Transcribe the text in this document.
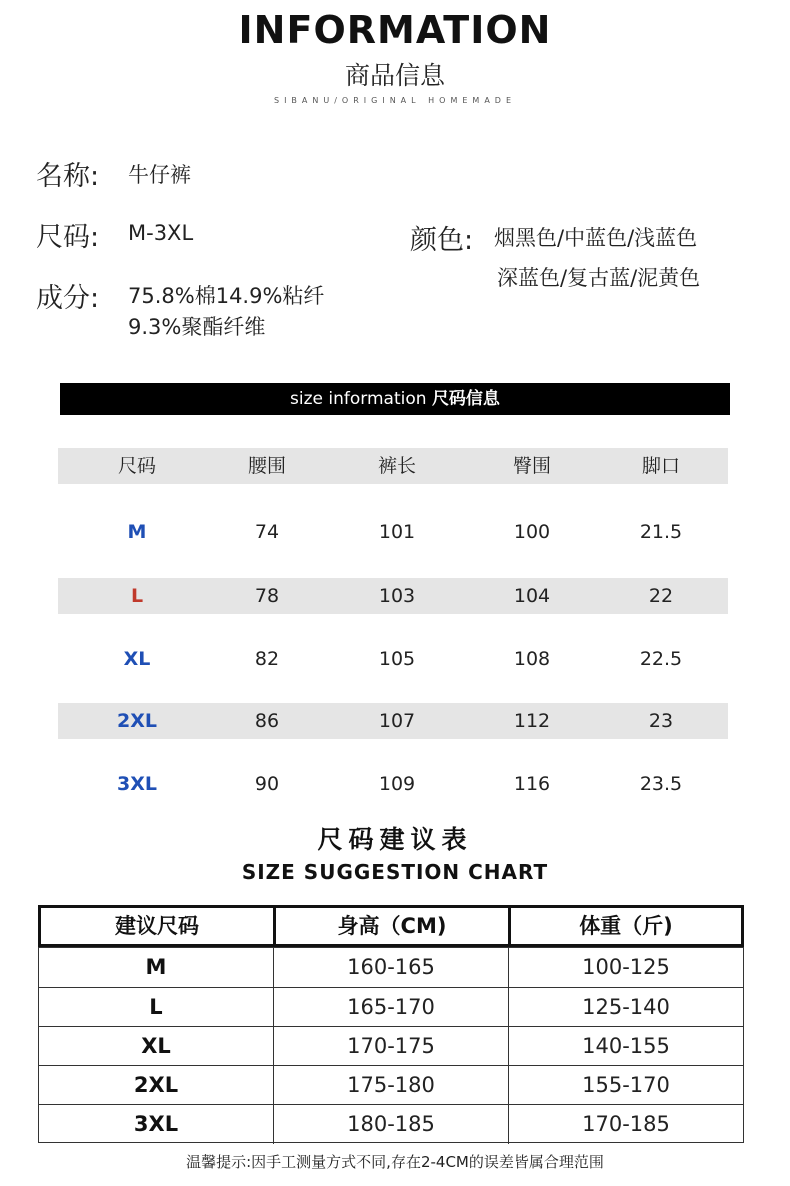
INFORMATION
商品信息
SIBANU/ORIGINAL HOMEMADE
名称: 牛仔裤
尺码: M-3XL	颜色: 烟黑色/中蓝色/浅蓝色
深蓝色/复古蓝/泥黄色
成分: 75.8%棉14.9%粘纤
9.3%聚酯纤维
size information 尺码信息
尺码	腰围	裤长	臀围	脚口
M	74	101	100	21.5
L	78	103	104	22
XL	82	105	108	22.5
2XL	86	107	112	23
3XL	90	109	116	23.5
尺码建议表
SIZE SUGGESTION CHART
建议尺码	身高（CM)	体重（斤)
M	160-165	100-125
L	165-170	125-140
XL	170-175	140-155
2XL	175-180	155-170
3XL	180-185	170-185
温馨提示:因手工测量方式不同,存在2-4CM的误差皆属合理范围
